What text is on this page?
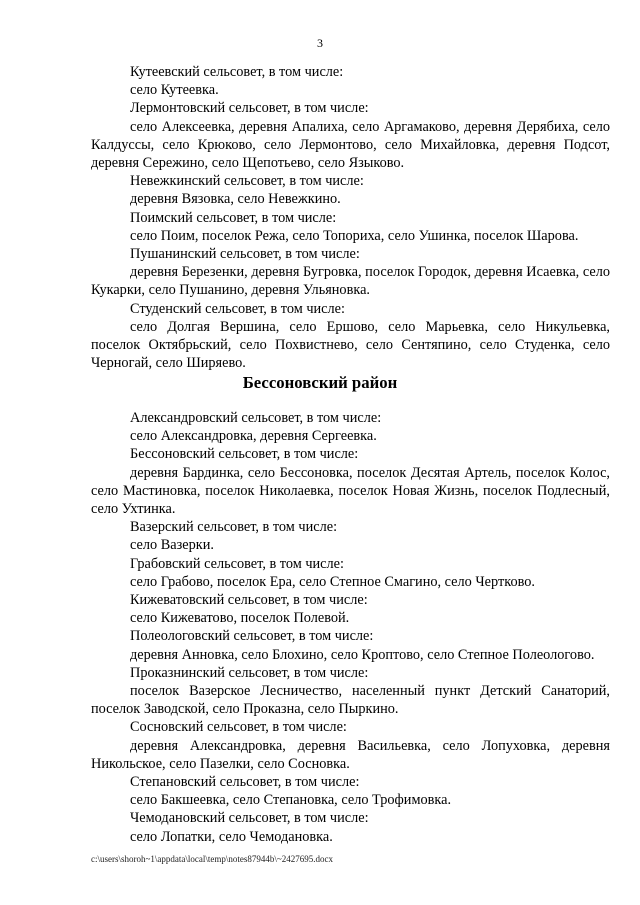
3

Кутеевский сельсовет, в том числе:

село Кутеевка.

Лермонтовский сельсовет, в том числе:

село Алексеевка, деревня Апалиха, село Аргамаково, деревня Дерябиха, село Калдуссы, село Крюково, село Лермонтово, село Михайловка, деревня Подсот, деревня Сережино, село Щепотьево, село Языково.

Невежкинский сельсовет, в том числе:

деревня Вязовка, село Невежкино.

Поимский сельсовет, в том числе:

село Поим, поселок Режа, село Топориха, село Ушинка, поселок Шарова.

Пушанинский сельсовет, в том числе:

деревня Березенки, деревня Бугровка, поселок Городок, деревня Исаевка, село Кукарки, село Пушанино, деревня Ульяновка.

Студенский сельсовет, в том числе:

село Долгая Вершина, село Ершово, село Марьевка, село Никульевка, поселок Октябрьский, село Похвистнево, село Сентяпино, село Студенка, село Черногай, село Ширяево.

Бессоновский район

Александровский сельсовет, в том числе:

село Александровка, деревня Сергеевка.

Бессоновский сельсовет, в том числе:

деревня Бардинка, село Бессоновка, поселок Десятая Артель, поселок Колос, село Мастиновка, поселок Николаевка, поселок Новая Жизнь, поселок Подлесный, село Ухтинка.

Вазерский сельсовет, в том числе:

село Вазерки.

Грабовский сельсовет, в том числе:

село Грабово, поселок Ера, село Степное Смагино, село Чертково.

Кижеватовский сельсовет, в том числе:

село Кижеватово, поселок Полевой.

Полеологовский сельсовет, в том числе:

деревня Анновка, село Блохино, село Кроптово, село Степное Полеологово.

Проказнинский сельсовет, в том числе:

поселок Вазерское Лесничество, населенный пункт Детский Санаторий, поселок Заводской, село Проказна, село Пыркино.

Сосновский сельсовет, в том числе:

деревня Александровка, деревня Васильевка, село Лопуховка, деревня Никольское, село Пазелки, село Сосновка.

Степановский сельсовет, в том числе:

село Бакшеевка, село Степановка, село Трофимовка.

Чемодановский сельсовет, в том числе:

село Лопатки, село Чемодановка.

c:\users\shoroh~1\appdata\local\temp\notes87944b\~2427695.docx
